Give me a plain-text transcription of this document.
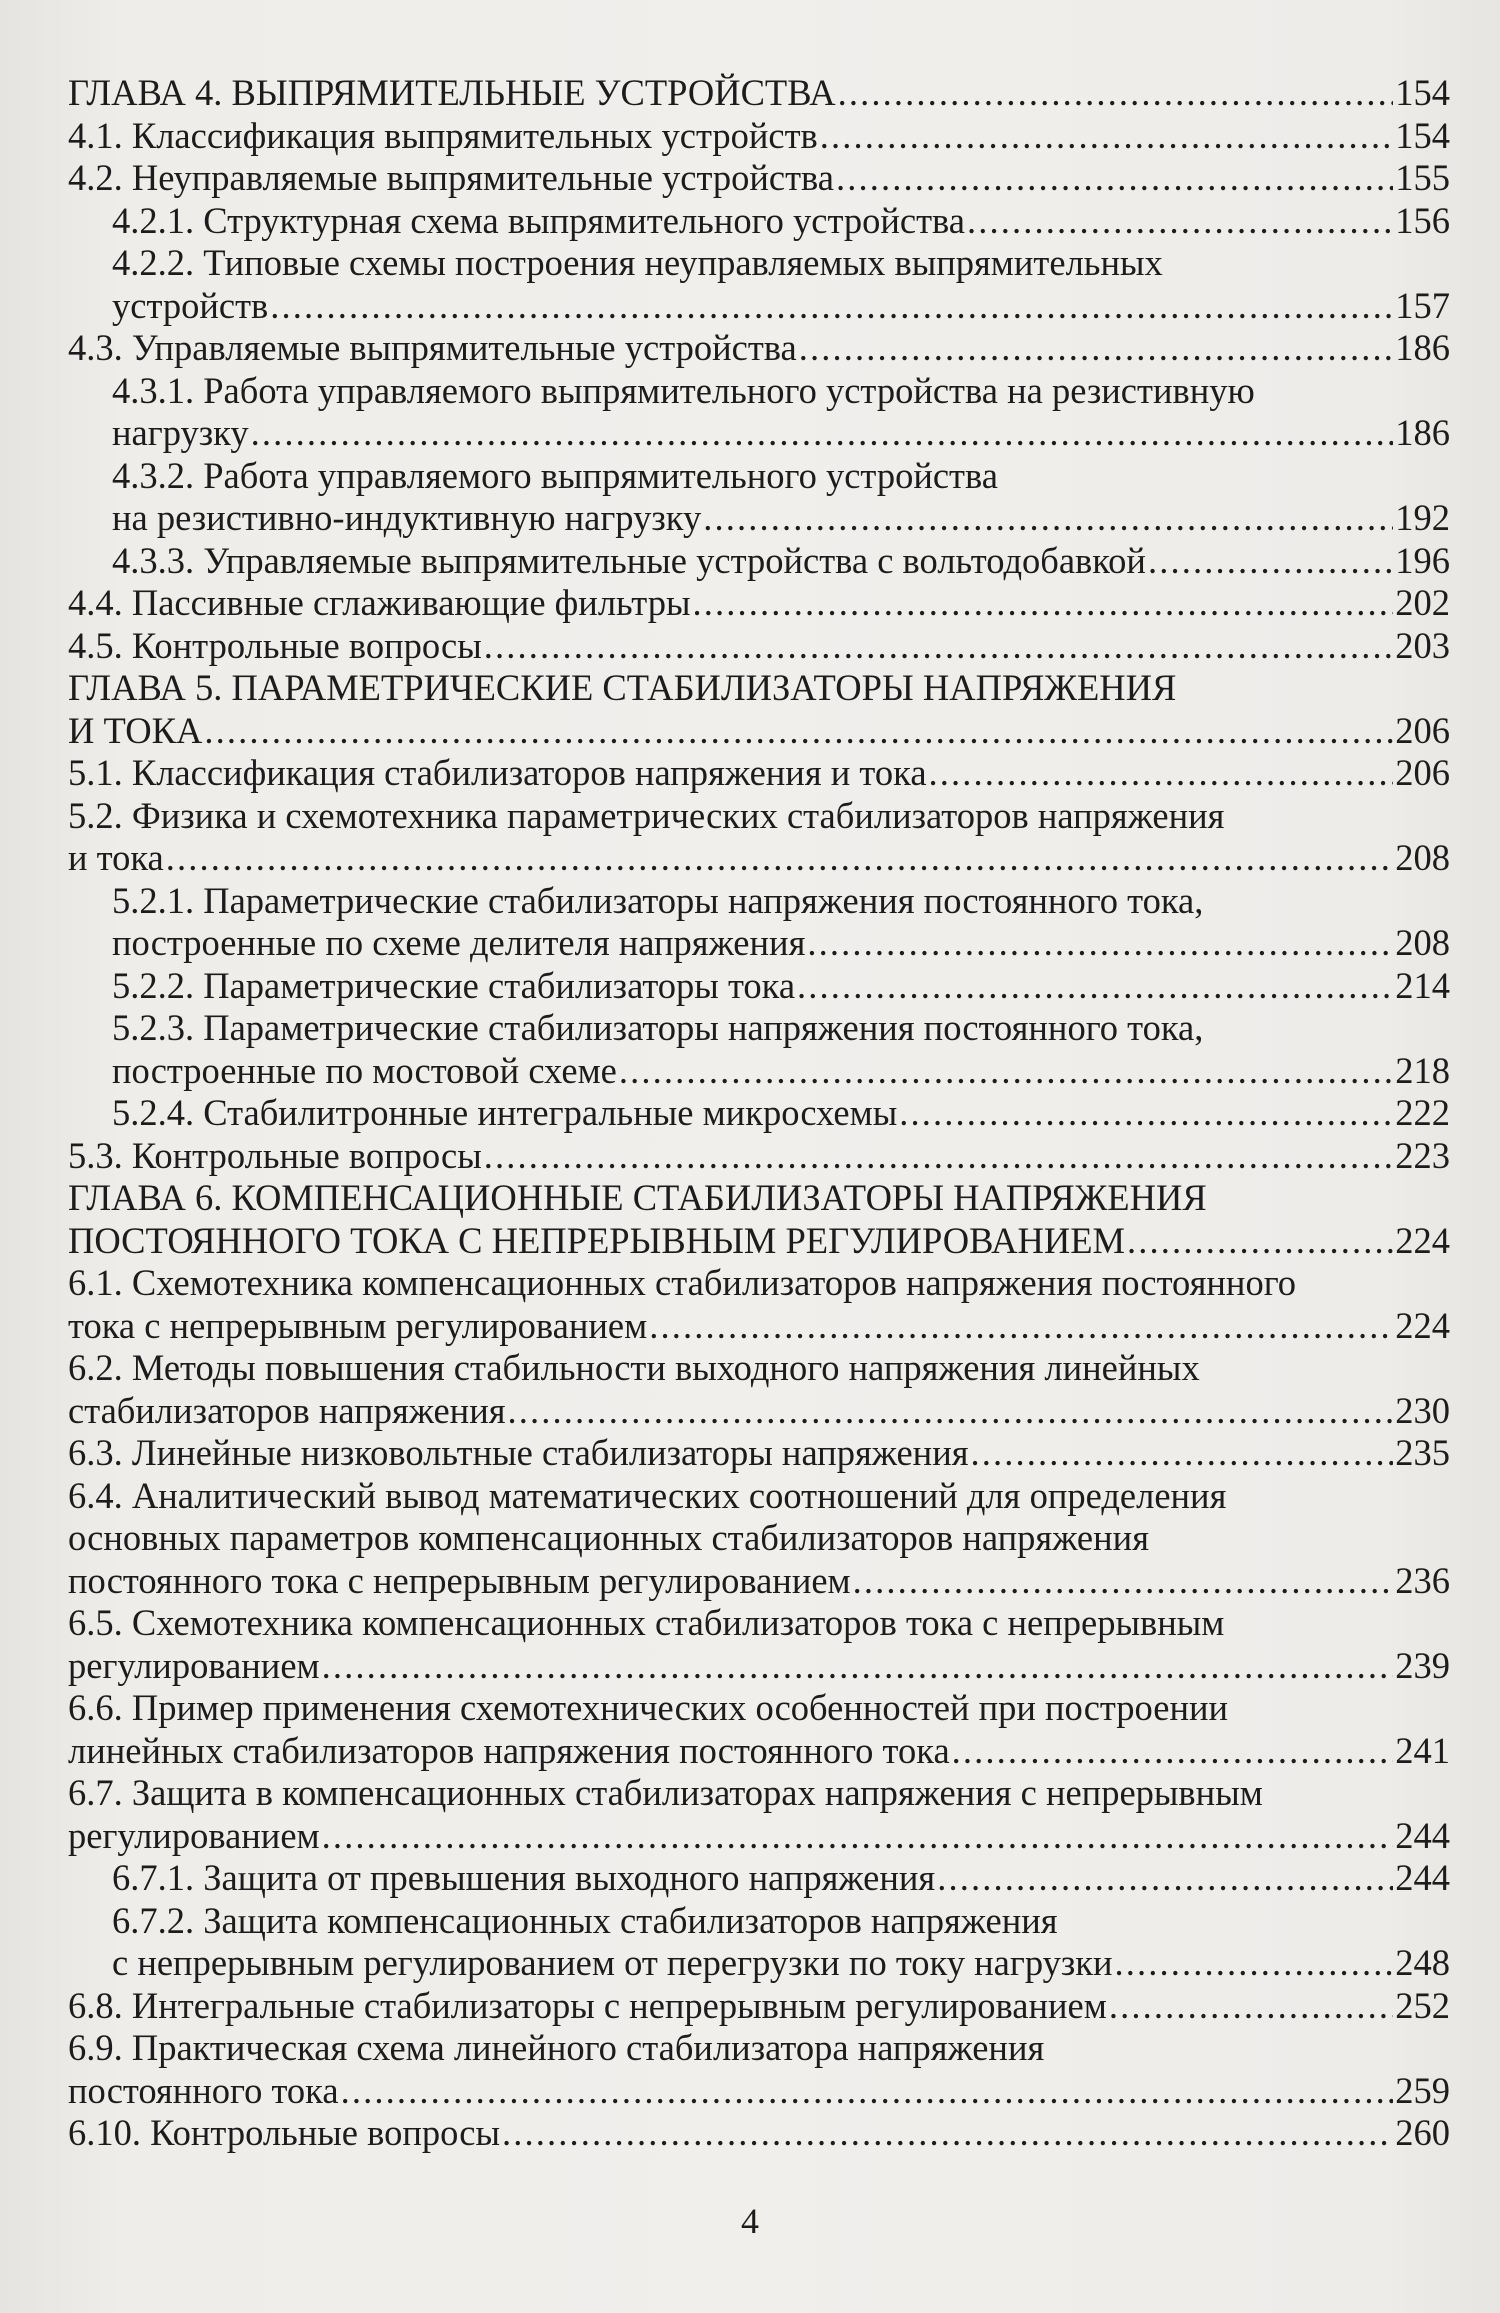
ГЛАВА 4. ВЫПРЯМИТЕЛЬНЫЕ УСТРОЙСТВА . . .	154
4.1. Классификация выпрямительных устройств . . .	154
4.2. Неуправляемые выпрямительные устройства . . .	155
4.2.1. Структурная схема выпрямительного устройства . . .	156
4.2.2. Типовые схемы построения неуправляемых выпрямительных
устройств . . .	157
4.3. Управляемые выпрямительные устройства . . .	186
4.3.1. Работа управляемого выпрямительного устройства на резистивную
нагрузку . . .	186
4.3.2. Работа управляемого выпрямительного устройства
на резистивно-индуктивную нагрузку . . .	192
4.3.3. Управляемые выпрямительные устройства с вольтодобавкой . . .	196
4.4. Пассивные сглаживающие фильтры . . .	202
4.5. Контрольные вопросы . . .	203
ГЛАВА 5. ПАРАМЕТРИЧЕСКИЕ СТАБИЛИЗАТОРЫ НАПРЯЖЕНИЯ
И ТОКА . . .	206
5.1. Классификация стабилизаторов напряжения и тока . . .	206
5.2. Физика и схемотехника параметрических стабилизаторов напряжения
и тока . . .	208
5.2.1. Параметрические стабилизаторы напряжения постоянного тока,
построенные по схеме делителя напряжения . . .	208
5.2.2. Параметрические стабилизаторы тока . . .	214
5.2.3. Параметрические стабилизаторы напряжения постоянного тока,
построенные по мостовой схеме . . .	218
5.2.4. Стабилитронные интегральные микросхемы . . .	222
5.3. Контрольные вопросы . . .	223
ГЛАВА 6. КОМПЕНСАЦИОННЫЕ СТАБИЛИЗАТОРЫ НАПРЯЖЕНИЯ
ПОСТОЯННОГО ТОКА С НЕПРЕРЫВНЫМ РЕГУЛИРОВАНИЕМ . . .	224
6.1. Схемотехника компенсационных стабилизаторов напряжения постоянного
тока с непрерывным регулированием . . .	224
6.2. Методы повышения стабильности выходного напряжения линейных
стабилизаторов напряжения . . .	230
6.3. Линейные низковольтные стабилизаторы напряжения . . .	235
6.4. Аналитический вывод математических соотношений для определения
основных параметров компенсационных стабилизаторов напряжения
постоянного тока с непрерывным регулированием . . .	236
6.5. Схемотехника компенсационных стабилизаторов тока с непрерывным
регулированием . . .	239
6.6. Пример применения схемотехнических особенностей при построении
линейных стабилизаторов напряжения постоянного тока . . .	241
6.7. Защита в компенсационных стабилизаторах напряжения с непрерывным
регулированием . . .	244
6.7.1. Защита от превышения выходного напряжения . . .	244
6.7.2. Защита компенсационных стабилизаторов напряжения
с непрерывным регулированием от перегрузки по току нагрузки . . .	248
6.8. Интегральные стабилизаторы с непрерывным регулированием . . .	252
6.9. Практическая схема линейного стабилизатора напряжения
постоянного тока . . .	259
6.10. Контрольные вопросы . . .	260
4
